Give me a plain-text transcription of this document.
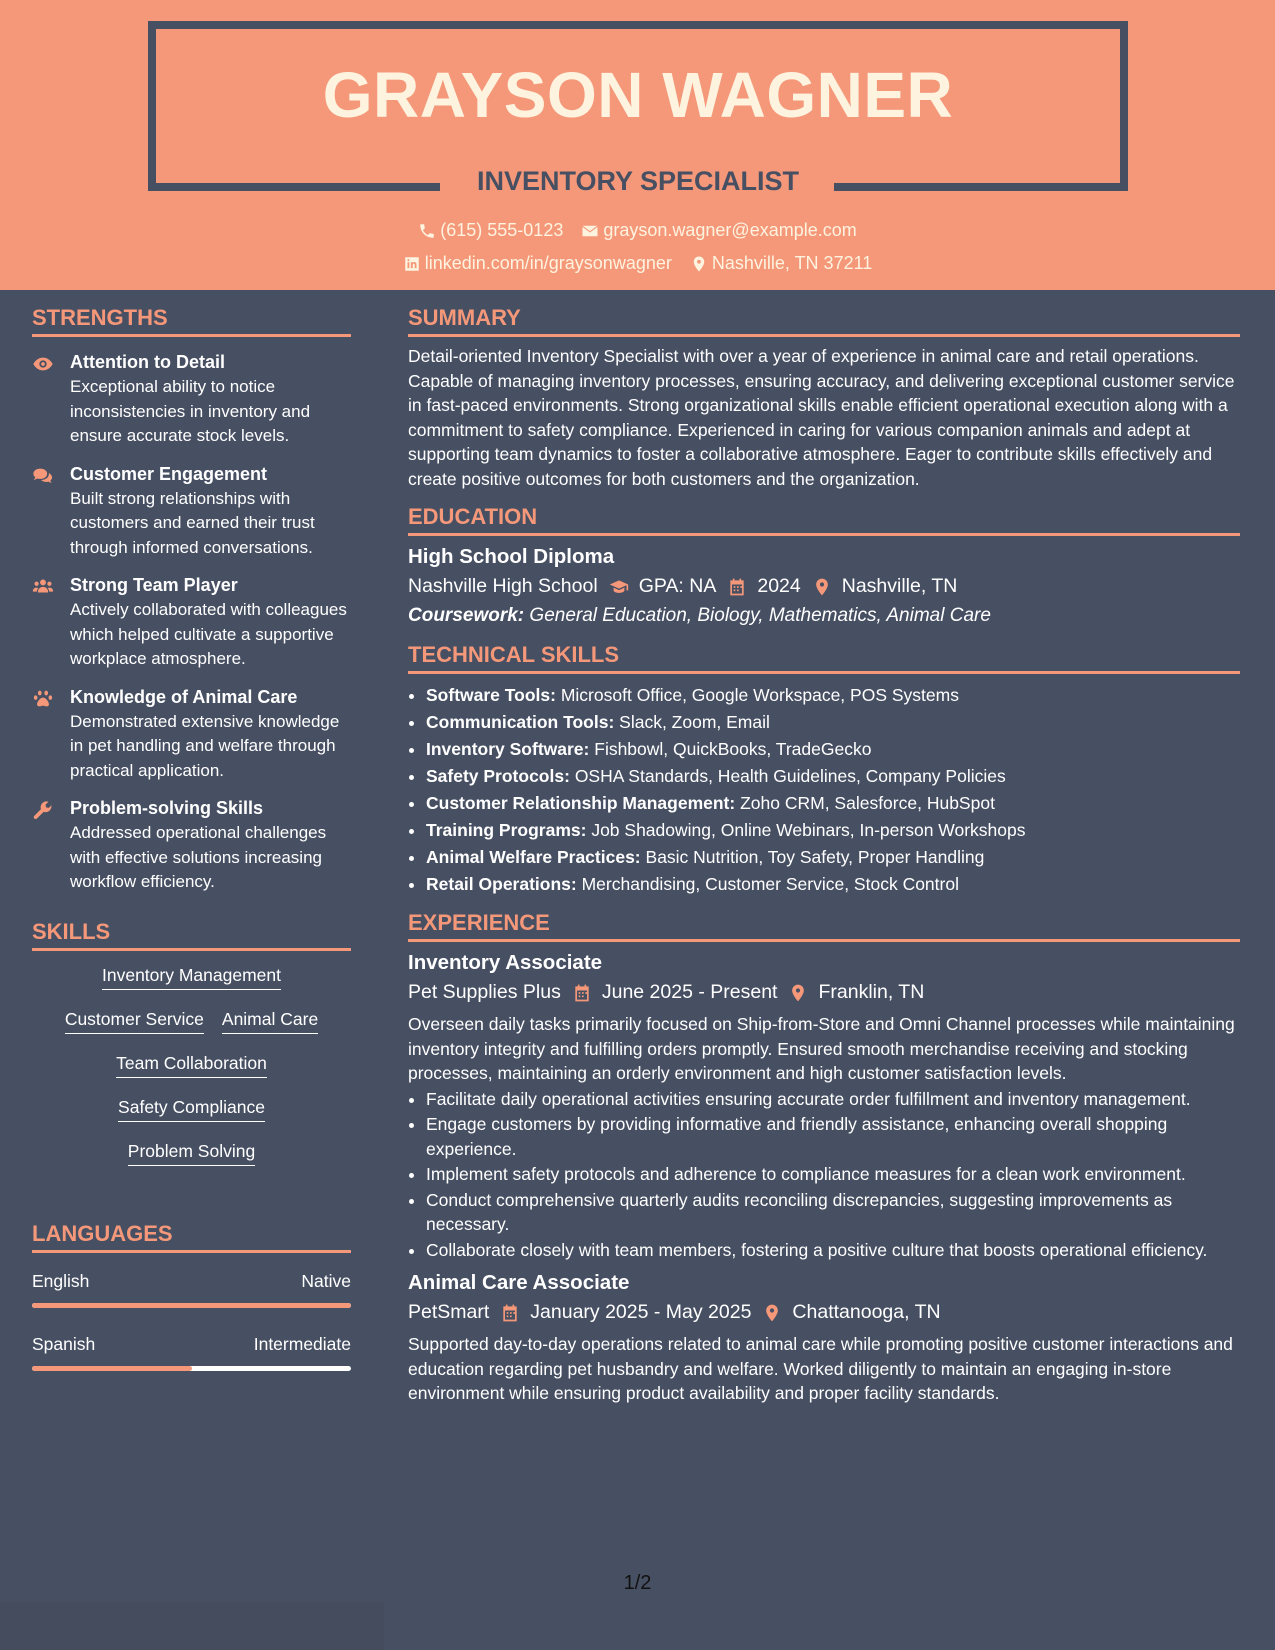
GRAYSON WAGNER
INVENTORY SPECIALIST
(615) 555-0123 grayson.wagner@example.com
linkedin.com/in/graysonwagner Nashville, TN 37211
STRENGTHS
Attention to Detail
Exceptional ability to notice inconsistencies in inventory and ensure accurate stock levels.
Customer Engagement
Built strong relationships with customers and earned their trust through informed conversations.
Strong Team Player
Actively collaborated with colleagues which helped cultivate a supportive workplace atmosphere.
Knowledge of Animal Care
Demonstrated extensive knowledge in pet handling and welfare through practical application.
Problem-solving Skills
Addressed operational challenges with effective solutions increasing workflow efficiency.
SKILLS
Inventory Management
Customer Service Animal Care
Team Collaboration
Safety Compliance
Problem Solving
LANGUAGES
English	Native
Spanish	Intermediate
SUMMARY
Detail-oriented Inventory Specialist with over a year of experience in animal care and retail operations. Capable of managing inventory processes, ensuring accuracy, and delivering exceptional customer service in fast-paced environments. Strong organizational skills enable efficient operational execution along with a commitment to safety compliance. Experienced in caring for various companion animals and adept at supporting team dynamics to foster a collaborative atmosphere. Eager to contribute skills effectively and create positive outcomes for both customers and the organization.
EDUCATION
High School Diploma
Nashville High School GPA: NA 2024 Nashville, TN
Coursework: General Education, Biology, Mathematics, Animal Care
TECHNICAL SKILLS
• Software Tools: Microsoft Office, Google Workspace, POS Systems
• Communication Tools: Slack, Zoom, Email
• Inventory Software: Fishbowl, QuickBooks, TradeGecko
• Safety Protocols: OSHA Standards, Health Guidelines, Company Policies
• Customer Relationship Management: Zoho CRM, Salesforce, HubSpot
• Training Programs: Job Shadowing, Online Webinars, In-person Workshops
• Animal Welfare Practices: Basic Nutrition, Toy Safety, Proper Handling
• Retail Operations: Merchandising, Customer Service, Stock Control
EXPERIENCE
Inventory Associate
Pet Supplies Plus June 2025 - Present Franklin, TN
Overseen daily tasks primarily focused on Ship-from-Store and Omni Channel processes while maintaining inventory integrity and fulfilling orders promptly. Ensured smooth merchandise receiving and stocking processes, maintaining an orderly environment and high customer satisfaction levels.
• Facilitate daily operational activities ensuring accurate order fulfillment and inventory management.
• Engage customers by providing informative and friendly assistance, enhancing overall shopping experience.
• Implement safety protocols and adherence to compliance measures for a clean work environment.
• Conduct comprehensive quarterly audits reconciling discrepancies, suggesting improvements as necessary.
• Collaborate closely with team members, fostering a positive culture that boosts operational efficiency.
Animal Care Associate
PetSmart January 2025 - May 2025 Chattanooga, TN
Supported day-to-day operations related to animal care while promoting positive customer interactions and education regarding pet husbandry and welfare. Worked diligently to maintain an engaging in-store environment while ensuring product availability and proper facility standards.
1/2
